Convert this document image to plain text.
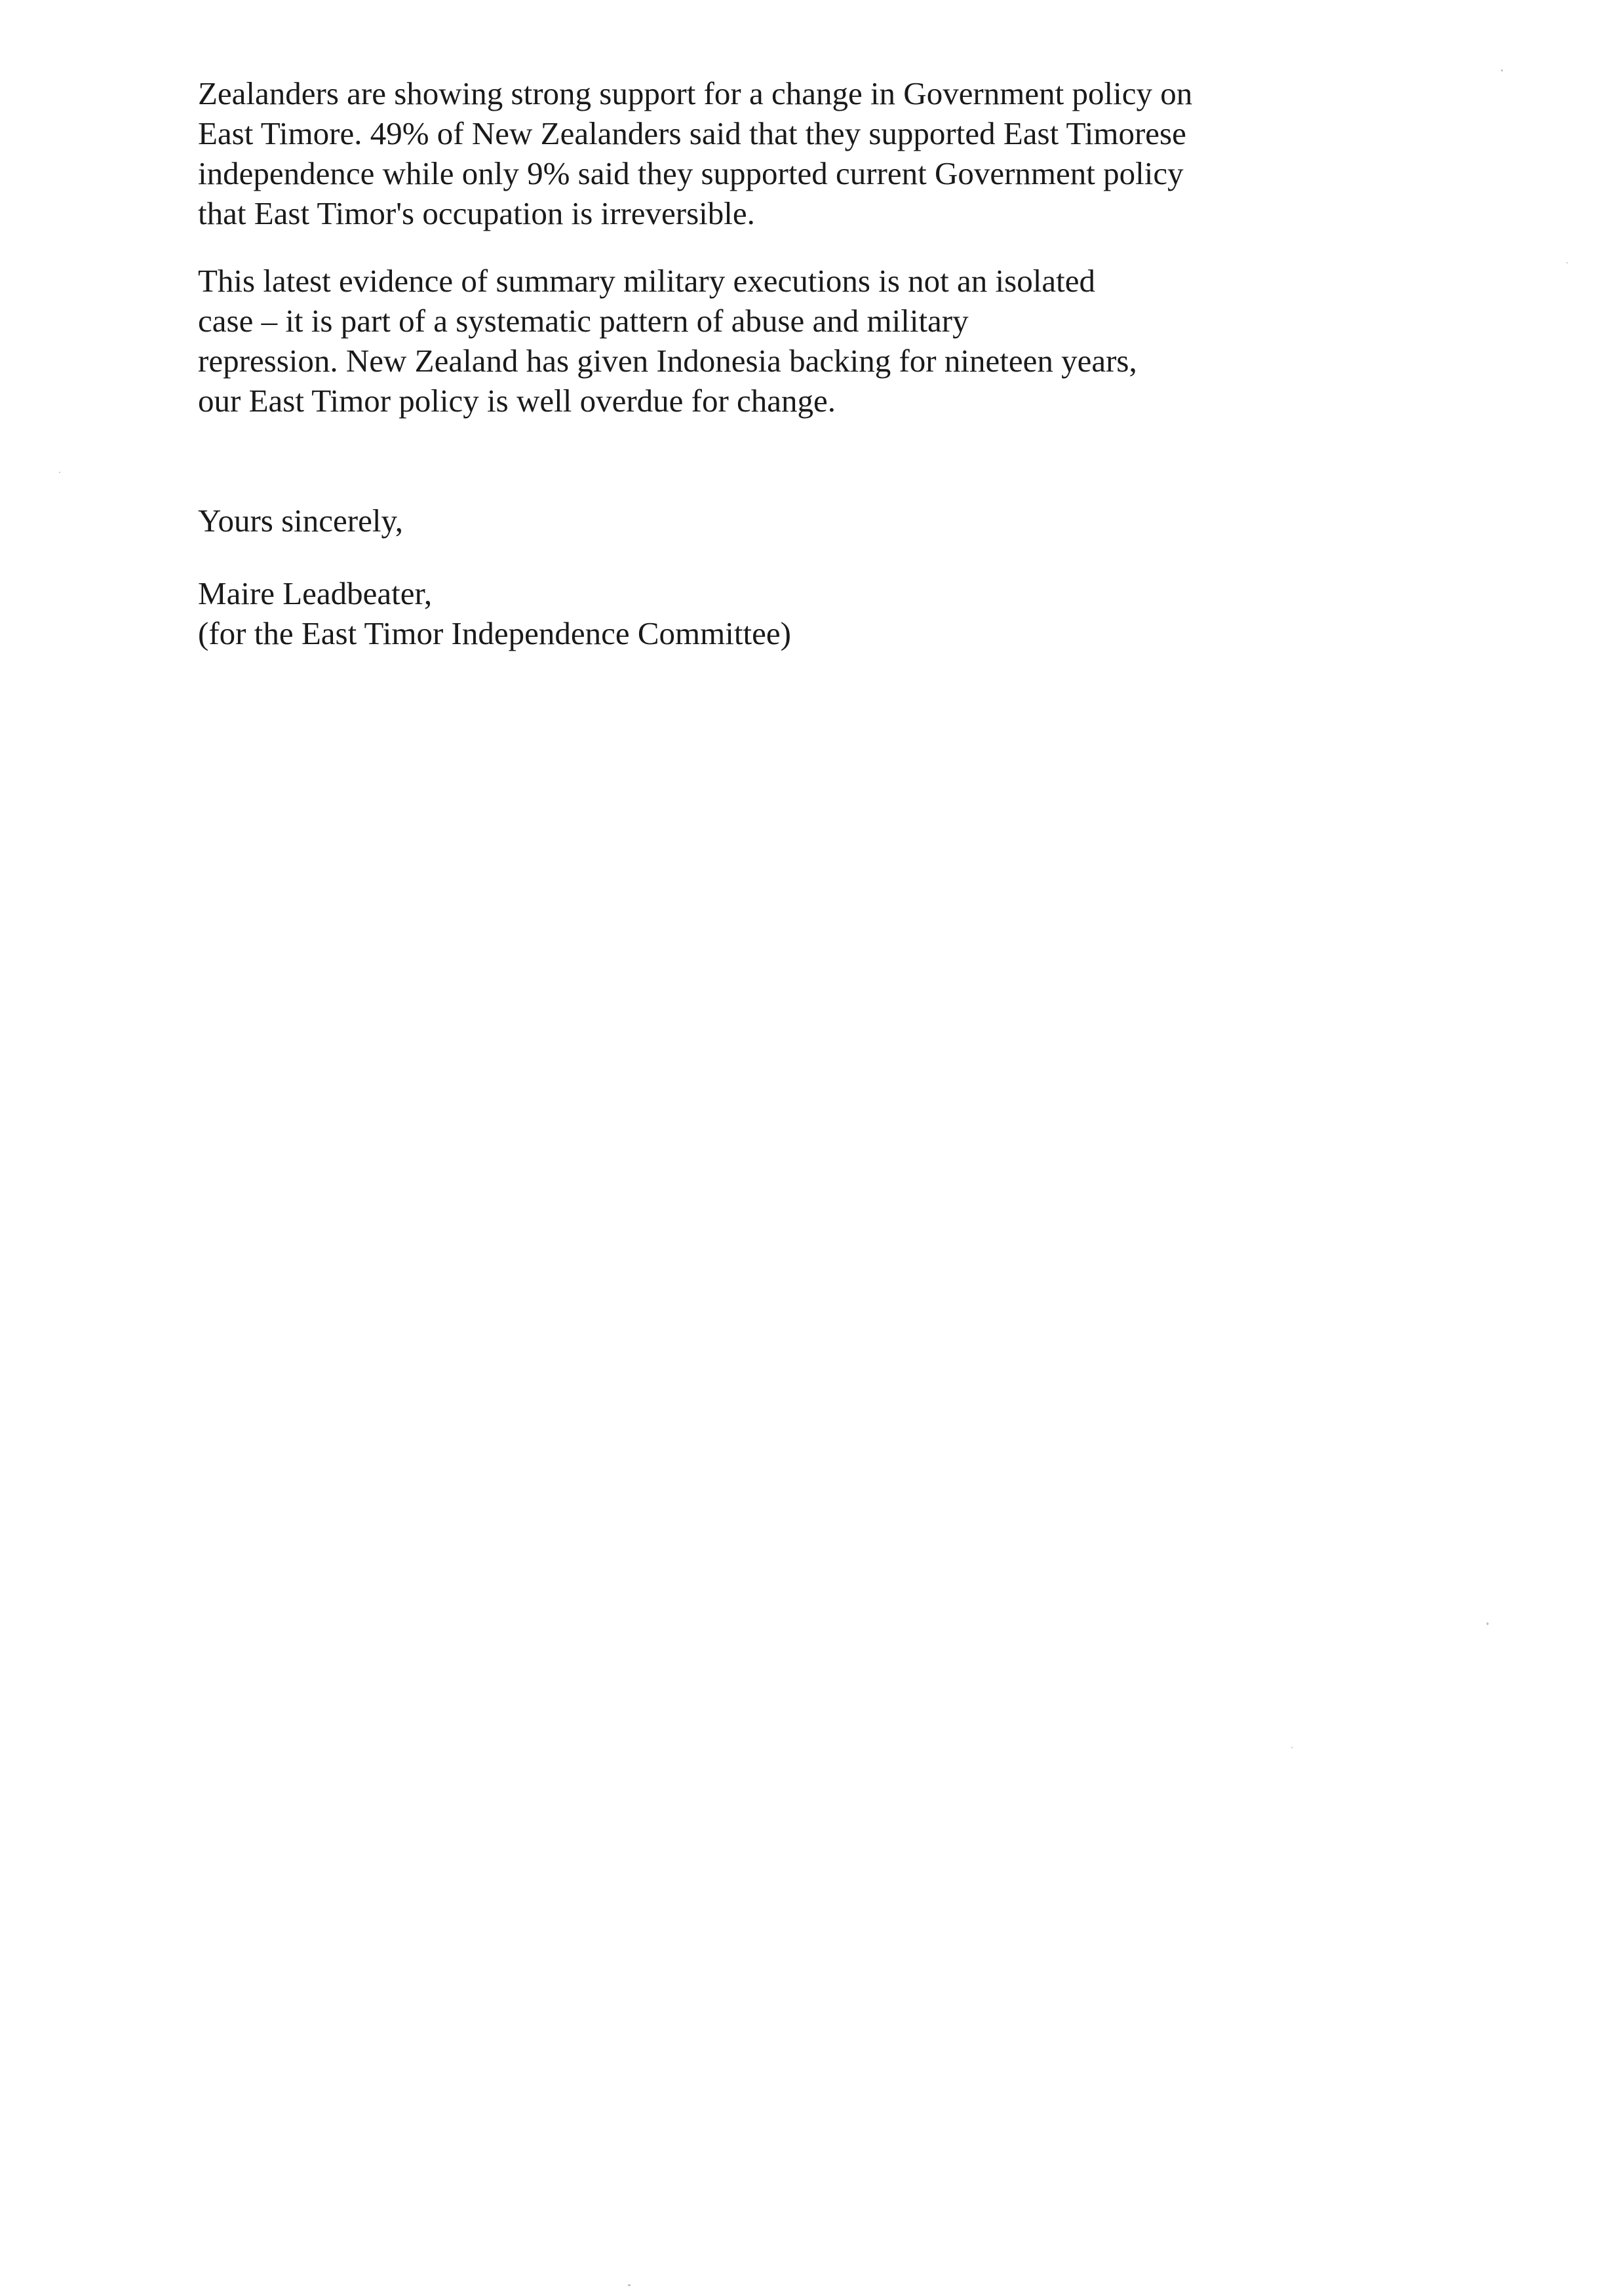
Zealanders are showing strong support for a change in Government policy on
East Timore. 49% of New Zealanders said that they supported East Timorese
independence while only 9% said they supported current Government policy
that East Timor's occupation is irreversible.

This latest evidence of summary military executions is not an isolated
case – it is part of a systematic pattern of abuse and military
repression. New Zealand has given Indonesia backing for nineteen years,
our East Timor policy is well overdue for change.

Yours sincerely,

Maire Leadbeater,
(for the East Timor Independence Committee)
